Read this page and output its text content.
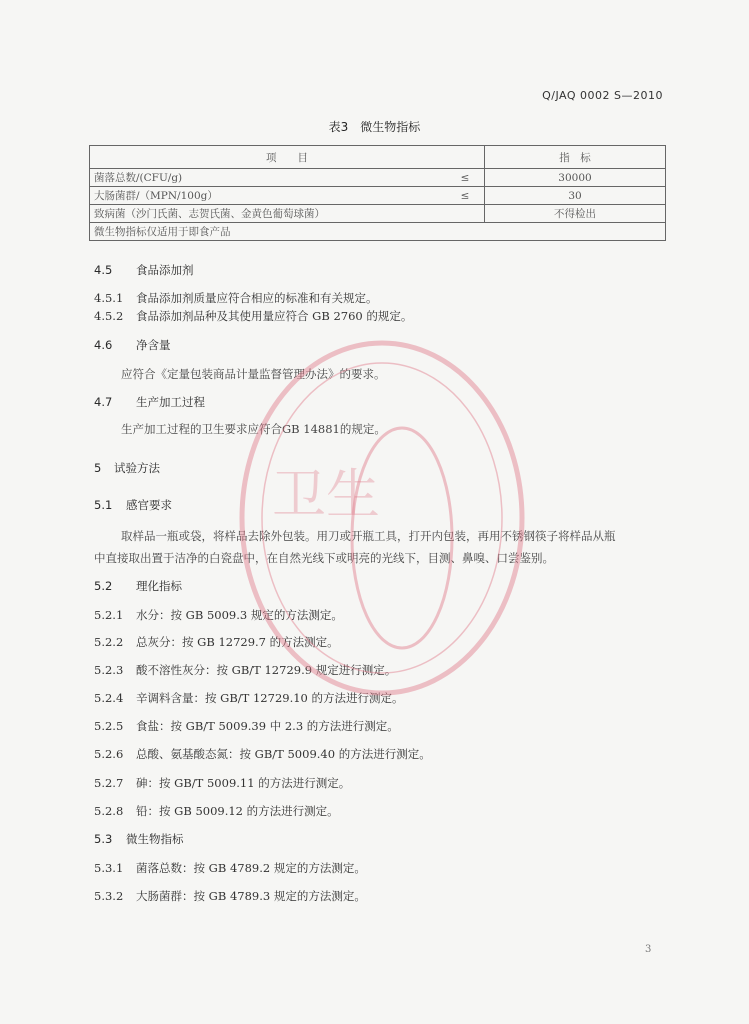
Q/JAQ 0002 S—2010
表3　微生物指标
项　　目		指　标
菌落总数/(CFU/g)	≤	30000
大肠菌群/（MPN/100g）	≤	30
致病菌（沙门氏菌、志贺氏菌、金黄色葡萄球菌）		不得检出
微生物指标仅适用于即食产品		
4.5 食品添加剂
4.5.1 食品添加剂质量应符合相应的标准和有关规定。
4.5.2 食品添加剂品种及其使用量应符合 GB 2760 的规定。
4.6 净含量
应符合《定量包装商品计量监督管理办法》的要求。
4.7 生产加工过程
生产加工过程的卫生要求应符合GB 14881的规定。
5 试验方法
5.1 感官要求
取样品一瓶或袋，将样品去除外包装。用刀或开瓶工具，打开内包装，再用不锈钢筷子将样品从瓶
中直接取出置于洁净的白瓷盘中，在自然光线下或明亮的光线下，目测、鼻嗅、口尝鉴别。
5.2 理化指标
5.2.1 水分：按 GB 5009.3 规定的方法测定。
5.2.2 总灰分：按 GB 12729.7 的方法测定。
5.2.3 酸不溶性灰分：按 GB/T 12729.9 规定进行测定。
5.2.4 辛调料含量：按 GB/T 12729.10 的方法进行测定。
5.2.5 食盐：按 GB/T 5009.39 中 2.3 的方法进行测定。
5.2.6 总酸、氨基酸态氮：按 GB/T 5009.40 的方法进行测定。
5.2.7 砷：按 GB/T 5009.11 的方法进行测定。
5.2.8 铅：按 GB 5009.12 的方法进行测定。
5.3 微生物指标
5.3.1 菌落总数：按 GB 4789.2 规定的方法测定。
5.3.2 大肠菌群：按 GB 4789.3 规定的方法测定。
3
卫生
